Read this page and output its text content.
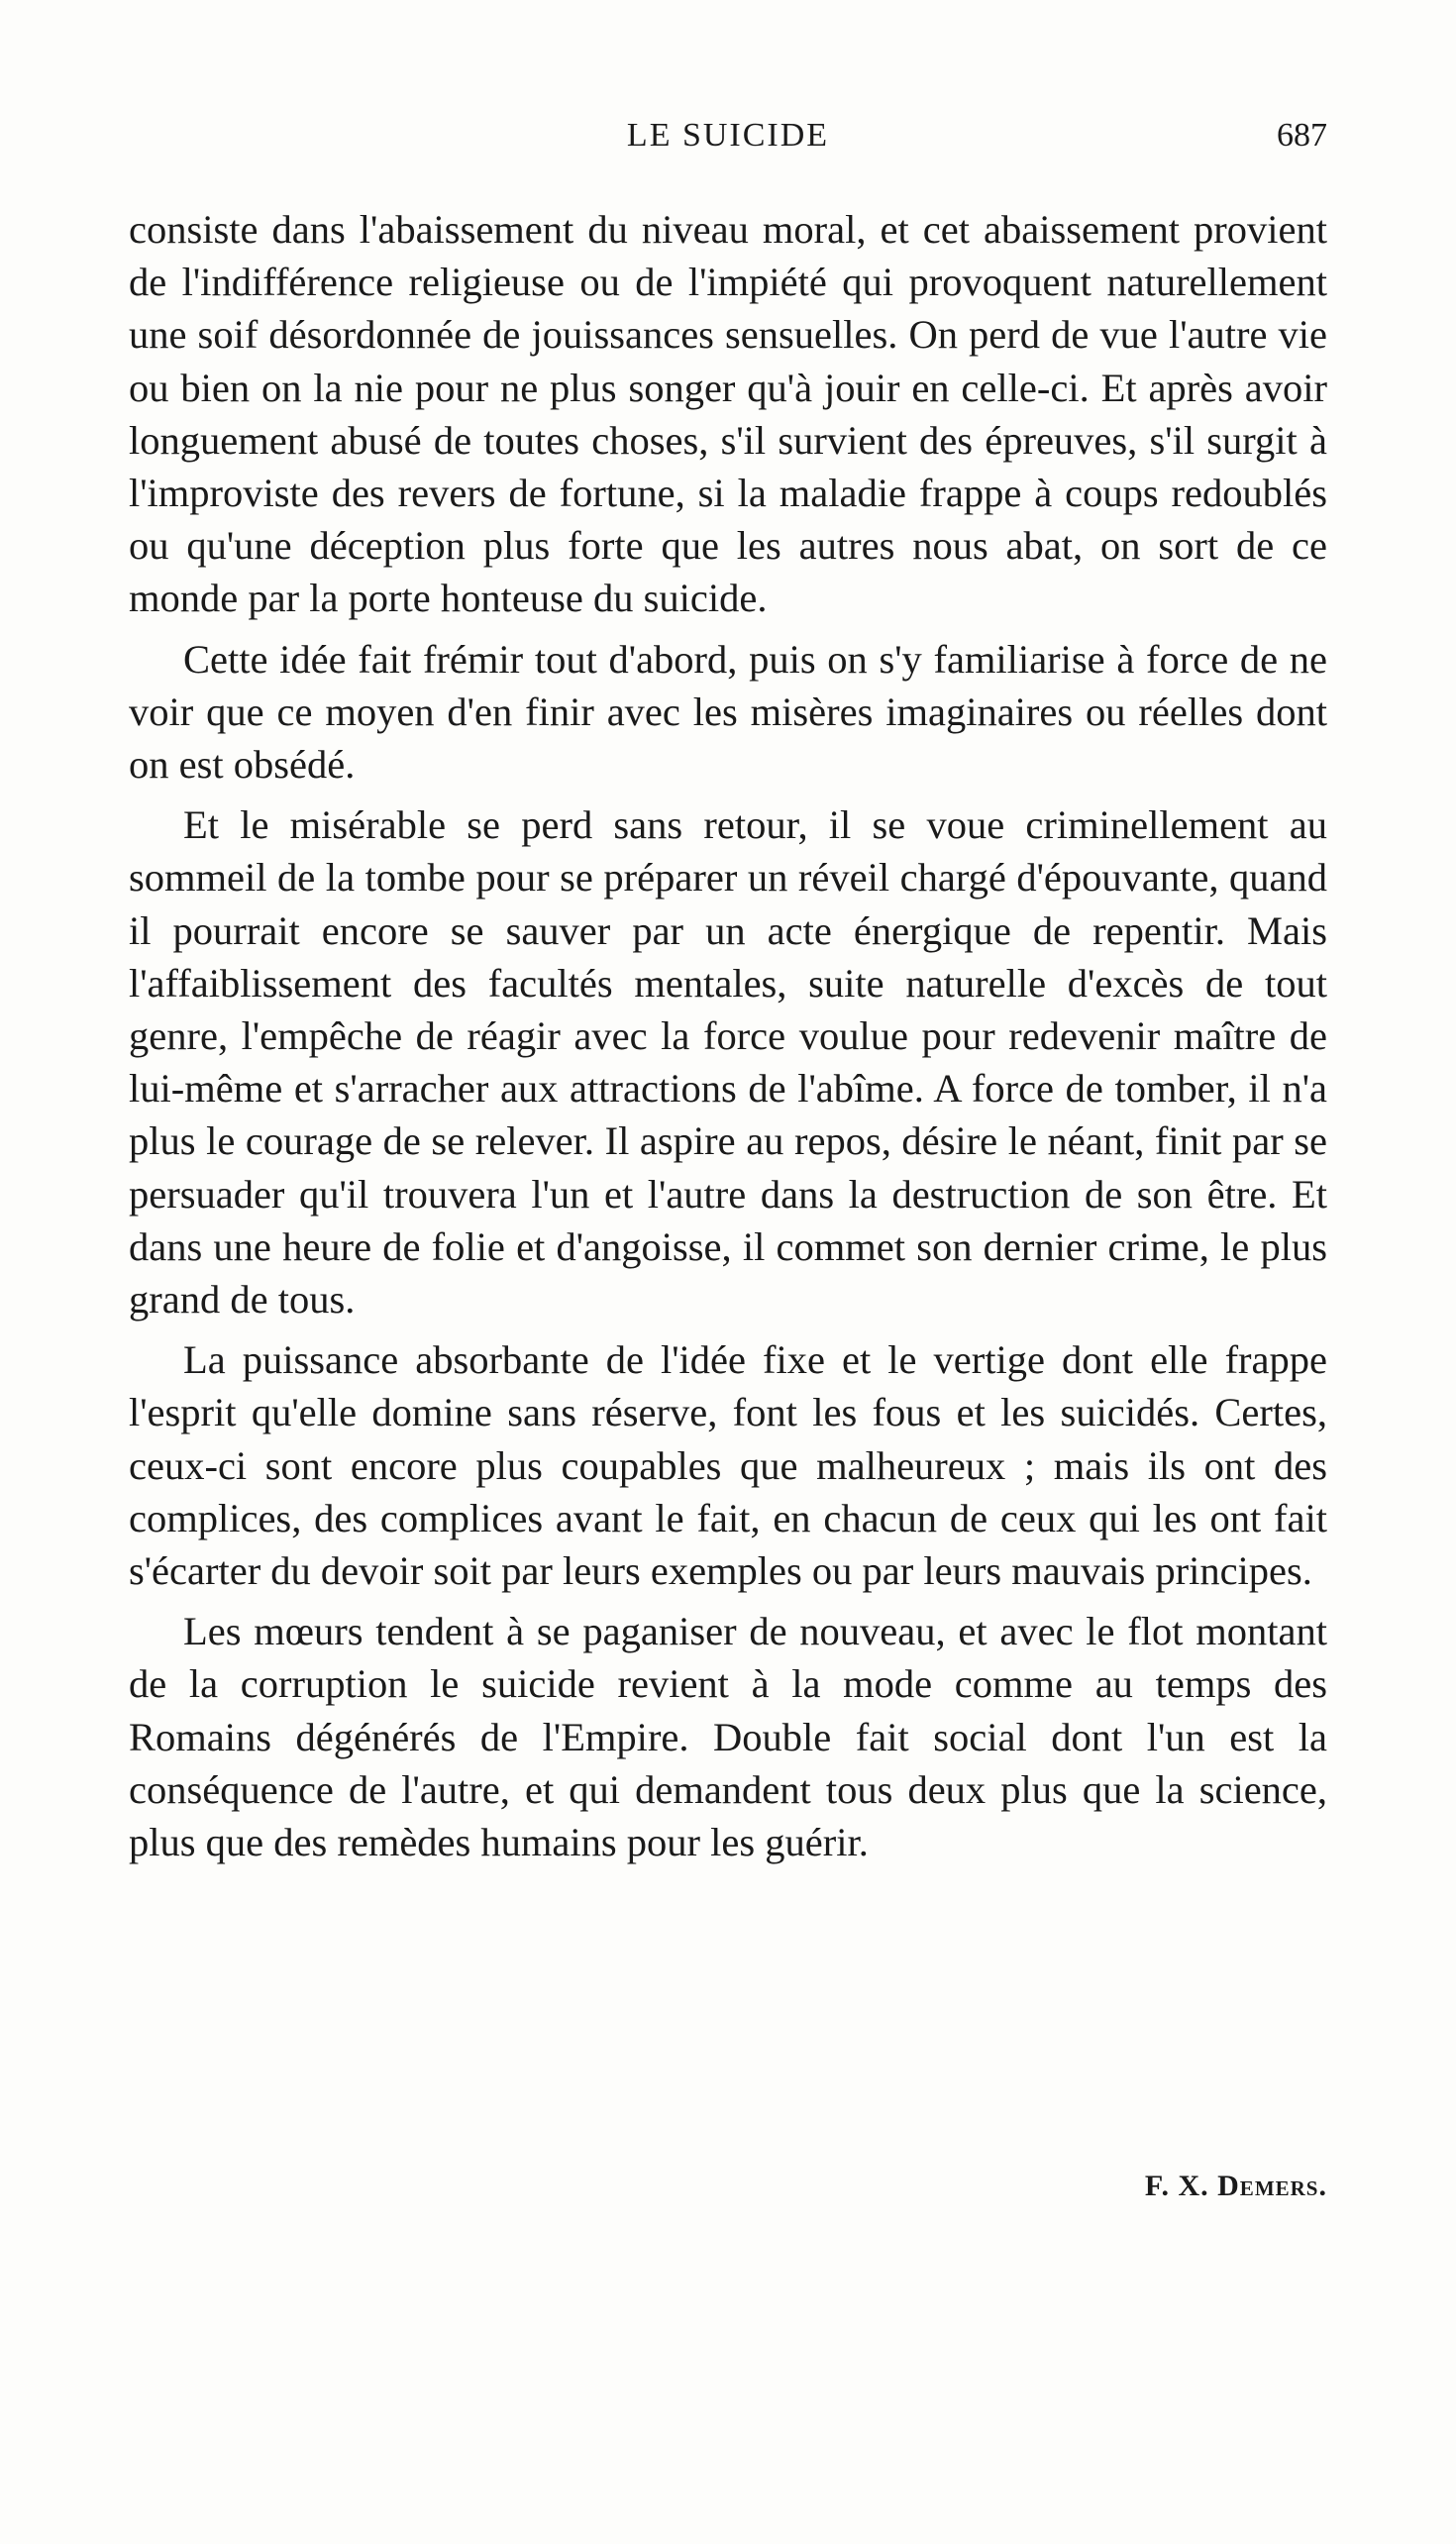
LE SUICIDE	687

consiste dans l'abaissement du niveau moral, et cet abaissement provient de l'indifférence religieuse ou de l'impiété qui provoquent naturellement une soif désordonnée de jouissances sensuelles. On perd de vue l'autre vie ou bien on la nie pour ne plus songer qu'à jouir en celle-ci. Et après avoir longuement abusé de toutes choses, s'il survient des épreuves, s'il surgit à l'improviste des revers de fortune, si la maladie frappe à coups redoublés ou qu'une déception plus forte que les autres nous abat, on sort de ce monde par la porte honteuse du suicide.

Cette idée fait frémir tout d'abord, puis on s'y familiarise à force de ne voir que ce moyen d'en finir avec les misères imaginaires ou réelles dont on est obsédé.

Et le misérable se perd sans retour, il se voue criminellement au sommeil de la tombe pour se préparer un réveil chargé d'épouvante, quand il pourrait encore se sauver par un acte énergique de repentir. Mais l'affaiblissement des facultés mentales, suite naturelle d'excès de tout genre, l'empêche de réagir avec la force voulue pour redevenir maître de lui-même et s'arracher aux attractions de l'abîme. A force de tomber, il n'a plus le courage de se relever. Il aspire au repos, désire le néant, finit par se persuader qu'il trouvera l'un et l'autre dans la destruction de son être. Et dans une heure de folie et d'angoisse, il commet son dernier crime, le plus grand de tous.

La puissance absorbante de l'idée fixe et le vertige dont elle frappe l'esprit qu'elle domine sans réserve, font les fous et les suicidés. Certes, ceux-ci sont encore plus coupables que malheureux ; mais ils ont des complices, des complices avant le fait, en chacun de ceux qui les ont fait s'écarter du devoir soit par leurs exemples ou par leurs mauvais principes.

Les mœurs tendent à se paganiser de nouveau, et avec le flot montant de la corruption le suicide revient à la mode comme au temps des Romains dégénérés de l'Empire. Double fait social dont l'un est la conséquence de l'autre, et qui demandent tous deux plus que la science, plus que des remèdes humains pour les guérir.

F. X. Demers.
